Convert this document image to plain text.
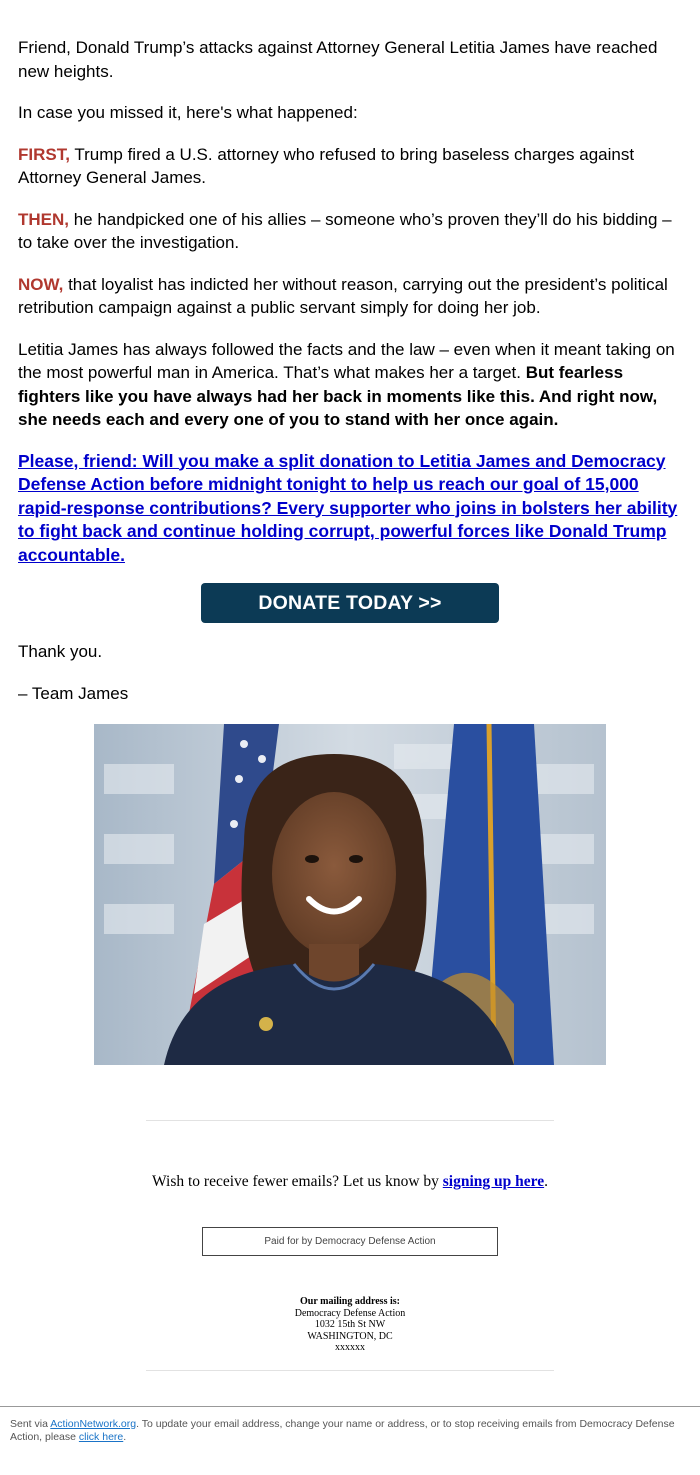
Friend, Donald Trump’s attacks against Attorney General Letitia James have reached new heights.

In case you missed it, here's what happened:

FIRST, Trump fired a U.S. attorney who refused to bring baseless charges against Attorney General James.

THEN, he handpicked one of his allies – someone who’s proven they’ll do his bidding – to take over the investigation.

NOW, that loyalist has indicted her without reason, carrying out the president’s political retribution campaign against a public servant simply for doing her job.

Letitia James has always followed the facts and the law – even when it meant taking on the most powerful man in America. That’s what makes her a target. But fearless fighters like you have always had her back in moments like this. And right now, she needs each and every one of you to stand with her once again.

Please, friend: Will you make a split donation to Letitia James and Democracy Defense Action before midnight tonight to help us reach our goal of 15,000 rapid-response contributions? Every supporter who joins in bolsters her ability to fight back and continue holding corrupt, powerful forces like Donald Trump accountable.
DONATE TODAY >>
Thank you.
– Team James
Wish to receive fewer emails? Let us know by signing up here.
Paid for by Democracy Defense Action
Our mailing address is:
Democracy Defense Action
1032 15th St NW
WASHINGTON, DC
xxxxxx
Sent via ActionNetwork.org. To update your email address, change your name or address, or to stop receiving emails from Democracy Defense Action, please click here.
